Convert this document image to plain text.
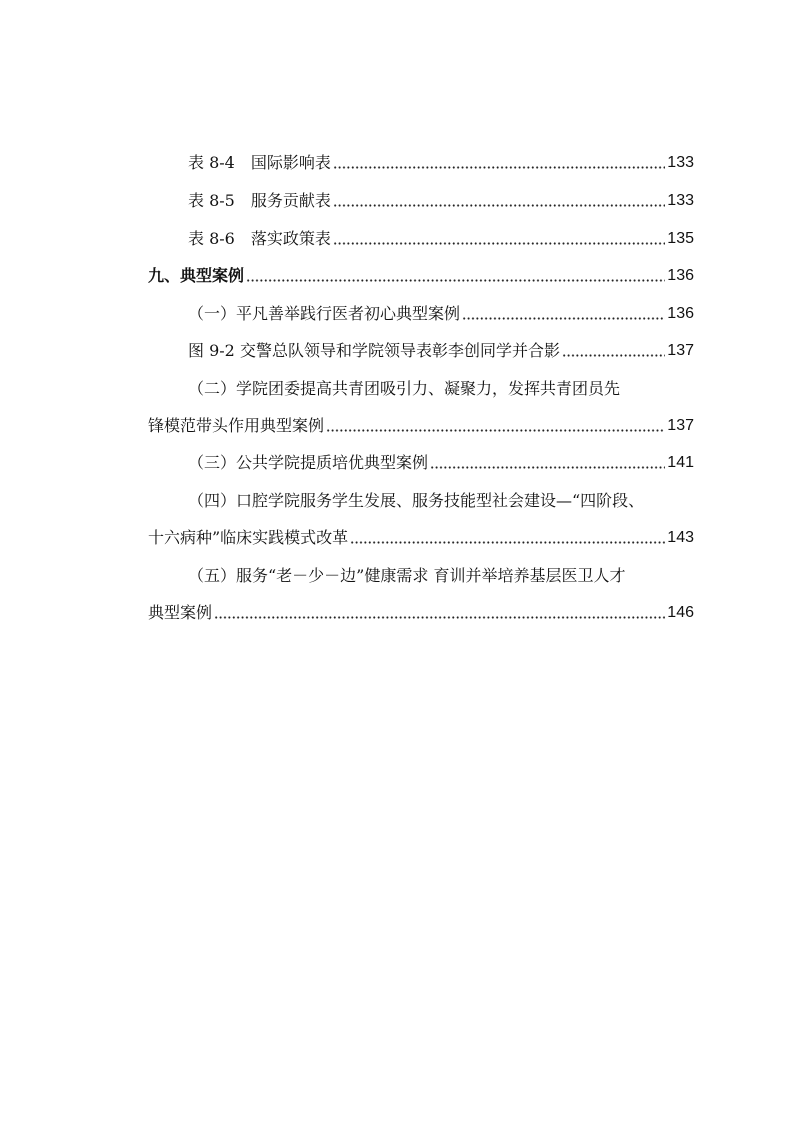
表 8-4　国际影响表	133
表 8-5　服务贡献表	133
表 8-6　落实政策表	135
九、典型案例	136
（一）平凡善举践行医者初心典型案例	136
图 9-2 交警总队领导和学院领导表彰李创同学并合影	137
（二）学院团委提高共青团吸引力、凝聚力，发挥共青团员先
锋模范带头作用典型案例	137
（三）公共学院提质培优典型案例	141
（四）口腔学院服务学生发展、服务技能型社会建设—“四阶段、
十六病种”临床实践模式改革	143
（五）服务“老－少－边”健康需求 育训并举培养基层医卫人才
典型案例	146
